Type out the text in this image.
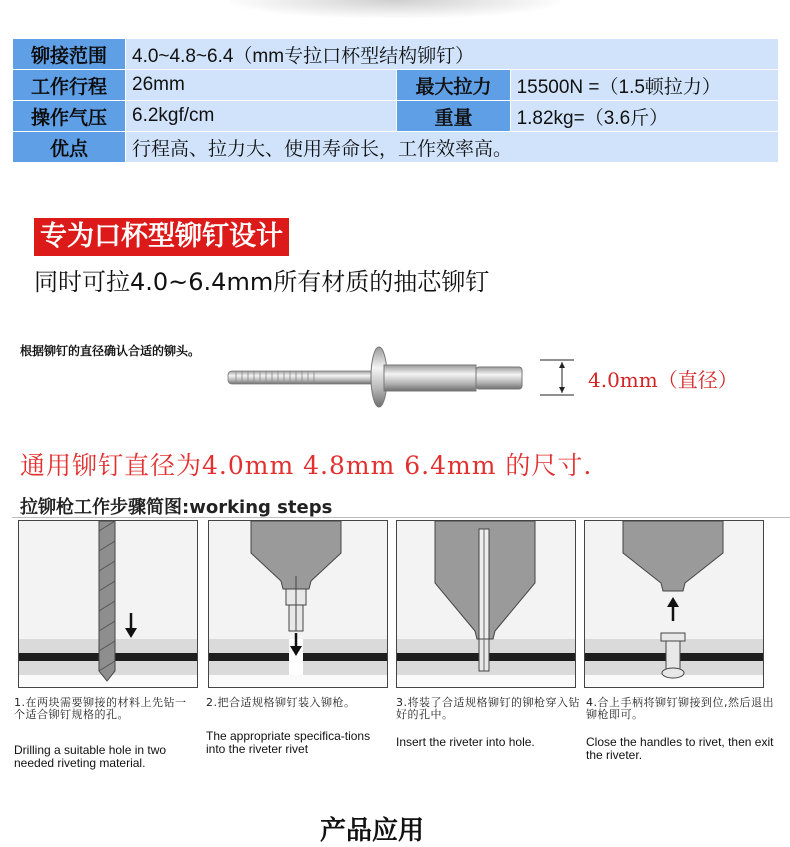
铆接范围	4.0~4.8~6.4（mm专拉口杯型结构铆钉）		
工作行程	26mm	最大拉力	15500N =（1.5顿拉力）
操作气压	6.2kgf/cm	重量	1.82kg=（3.6斤）
优点	行程高、拉力大、使用寿命长，工作效率高。		
专为口杯型铆钉设计
同时可拉4.0~6.4mm所有材质的抽芯铆钉
根据铆钉的直径确认合适的铆头。
4.0mm（直径）
通用铆钉直径为4.0mm 4.8mm 6.4mm 的尺寸.
拉铆枪工作步骤简图:working steps
1.在两块需要铆接的材料上先钻一个适合铆钉规格的孔。
Drilling a suitable hole in two needed riveting material.
2.把合适规格铆钉装入铆枪。
The appropriate specifica-tions into the riveter rivet
3.将装了合适规格铆钉的铆枪穿入钻好的孔中。
Insert the riveter into hole.
4.合上手柄将铆钉铆接到位,然后退出铆枪即可。
Close the handles to rivet, then exit the riveter.
产品应用
